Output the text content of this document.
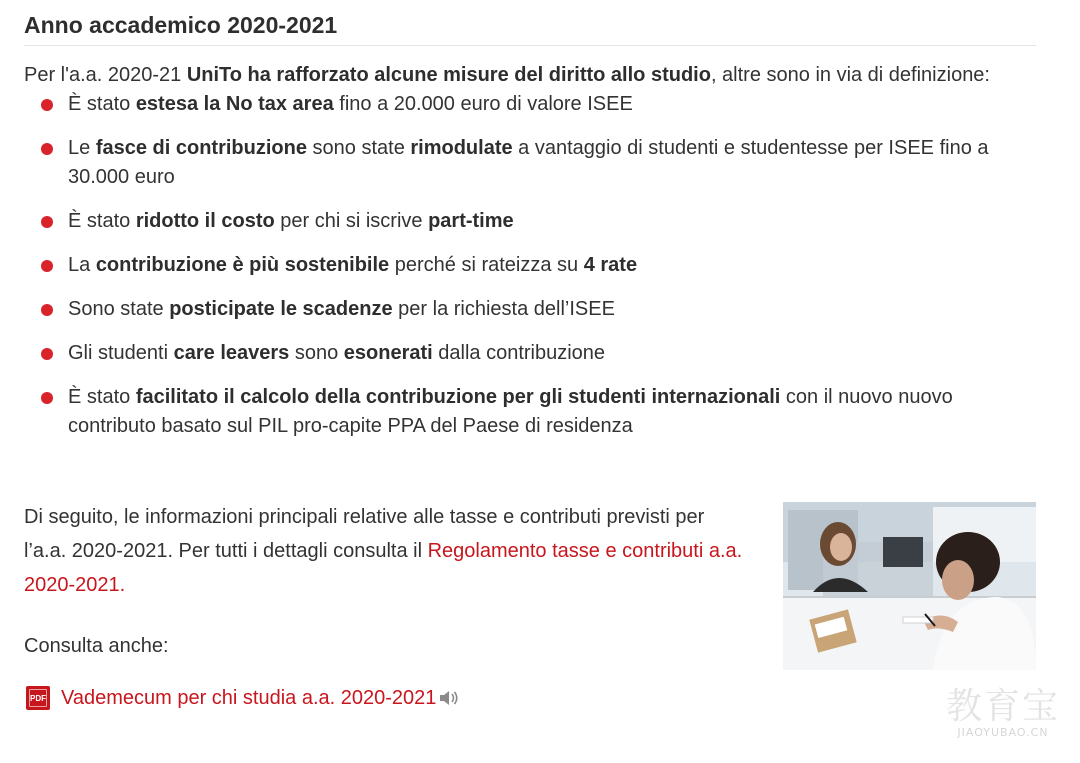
Anno accademico 2020-2021

Per l'a.a. 2020-21 UniTo ha rafforzato alcune misure del diritto allo studio, altre sono in via di definizione:

È stato estesa la No tax area fino a 20.000 euro di valore ISEE
Le fasce di contribuzione sono state rimodulate a vantaggio di studenti e studentesse per ISEE fino a 30.000 euro
È stato ridotto il costo per chi si iscrive part-time
La contribuzione è più sostenibile perché si rateizza su 4 rate
Sono state posticipate le scadenze per la richiesta dell’ISEE
Gli studenti care leavers sono esonerati dalla contribuzione
È stato facilitato il calcolo della contribuzione per gli studenti internazionali con il nuovo nuovo contributo basato sul PIL pro-capite PPA del Paese di residenza

Di seguito, le informazioni principali relative alle tasse e contributi previsti per l’a.a. 2020-2021. Per tutti i dettagli consulta il Regolamento tasse e contributi a.a. 2020-2021.

Consulta anche:
PDF Vademecum per chi studia a.a. 2020-2021	教育宝
JIAOYUBAO.CN
